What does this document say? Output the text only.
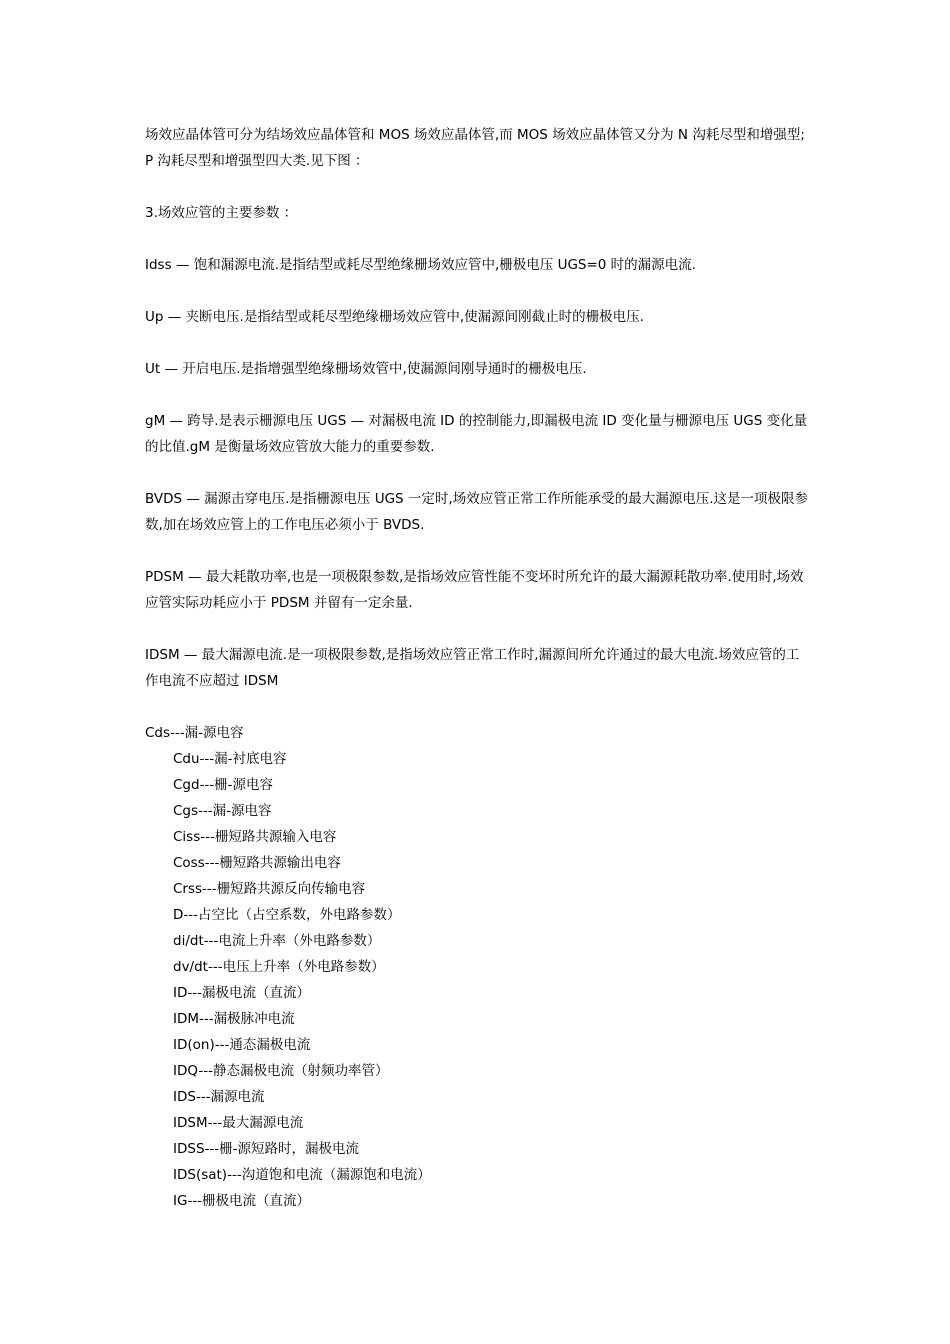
场效应晶体管可分为结场效应晶体管和 MOS 场效应晶体管,而 MOS 场效应晶体管又分为 N 沟耗尽型和增强型;P 沟耗尽型和增强型四大类.见下图 ：

3.场效应管的主要参数 ：

Idss — 饱和漏源电流.是指结型或耗尽型绝缘栅场效应管中,栅极电压 UGS=0 时的漏源电流.

Up — 夹断电压.是指结型或耗尽型绝缘栅场效应管中,使漏源间刚截止时的栅极电压.

Ut — 开启电压.是指增强型绝缘栅场效管中,使漏源间刚导通时的栅极电压.

gM — 跨导.是表示栅源电压 UGS — 对漏极电流 ID 的控制能力,即漏极电流 ID 变化量与栅源电压 UGS 变化量的比值.gM 是衡量场效应管放大能力的重要参数.

BVDS — 漏源击穿电压.是指栅源电压 UGS 一定时,场效应管正常工作所能承受的最大漏源电压.这是一项极限参数,加在场效应管上的工作电压必须小于 BVDS.

PDSM — 最大耗散功率,也是一项极限参数,是指场效应管性能不变坏时所允许的最大漏源耗散功率.使用时,场效应管实际功耗应小于 PDSM 并留有一定余量.

IDSM — 最大漏源电流.是一项极限参数,是指场效应管正常工作时,漏源间所允许通过的最大电流.场效应管的工作电流不应超过 IDSM

Cds---漏-源电容

Cdu---漏-衬底电容
Cgd---栅-源电容
Cgs---漏-源电容
Ciss---栅短路共源输入电容
Coss---栅短路共源输出电容
Crss---栅短路共源反向传输电容
D---占空比（占空系数，外电路参数）
di/dt---电流上升率（外电路参数）
dv/dt---电压上升率（外电路参数）
ID---漏极电流（直流）
IDM---漏极脉冲电流
ID(on)---通态漏极电流
IDQ---静态漏极电流（射频功率管）
IDS---漏源电流
IDSM---最大漏源电流
IDSS---栅-源短路时，漏极电流
IDS(sat)---沟道饱和电流（漏源饱和电流）
IG---栅极电流（直流）
